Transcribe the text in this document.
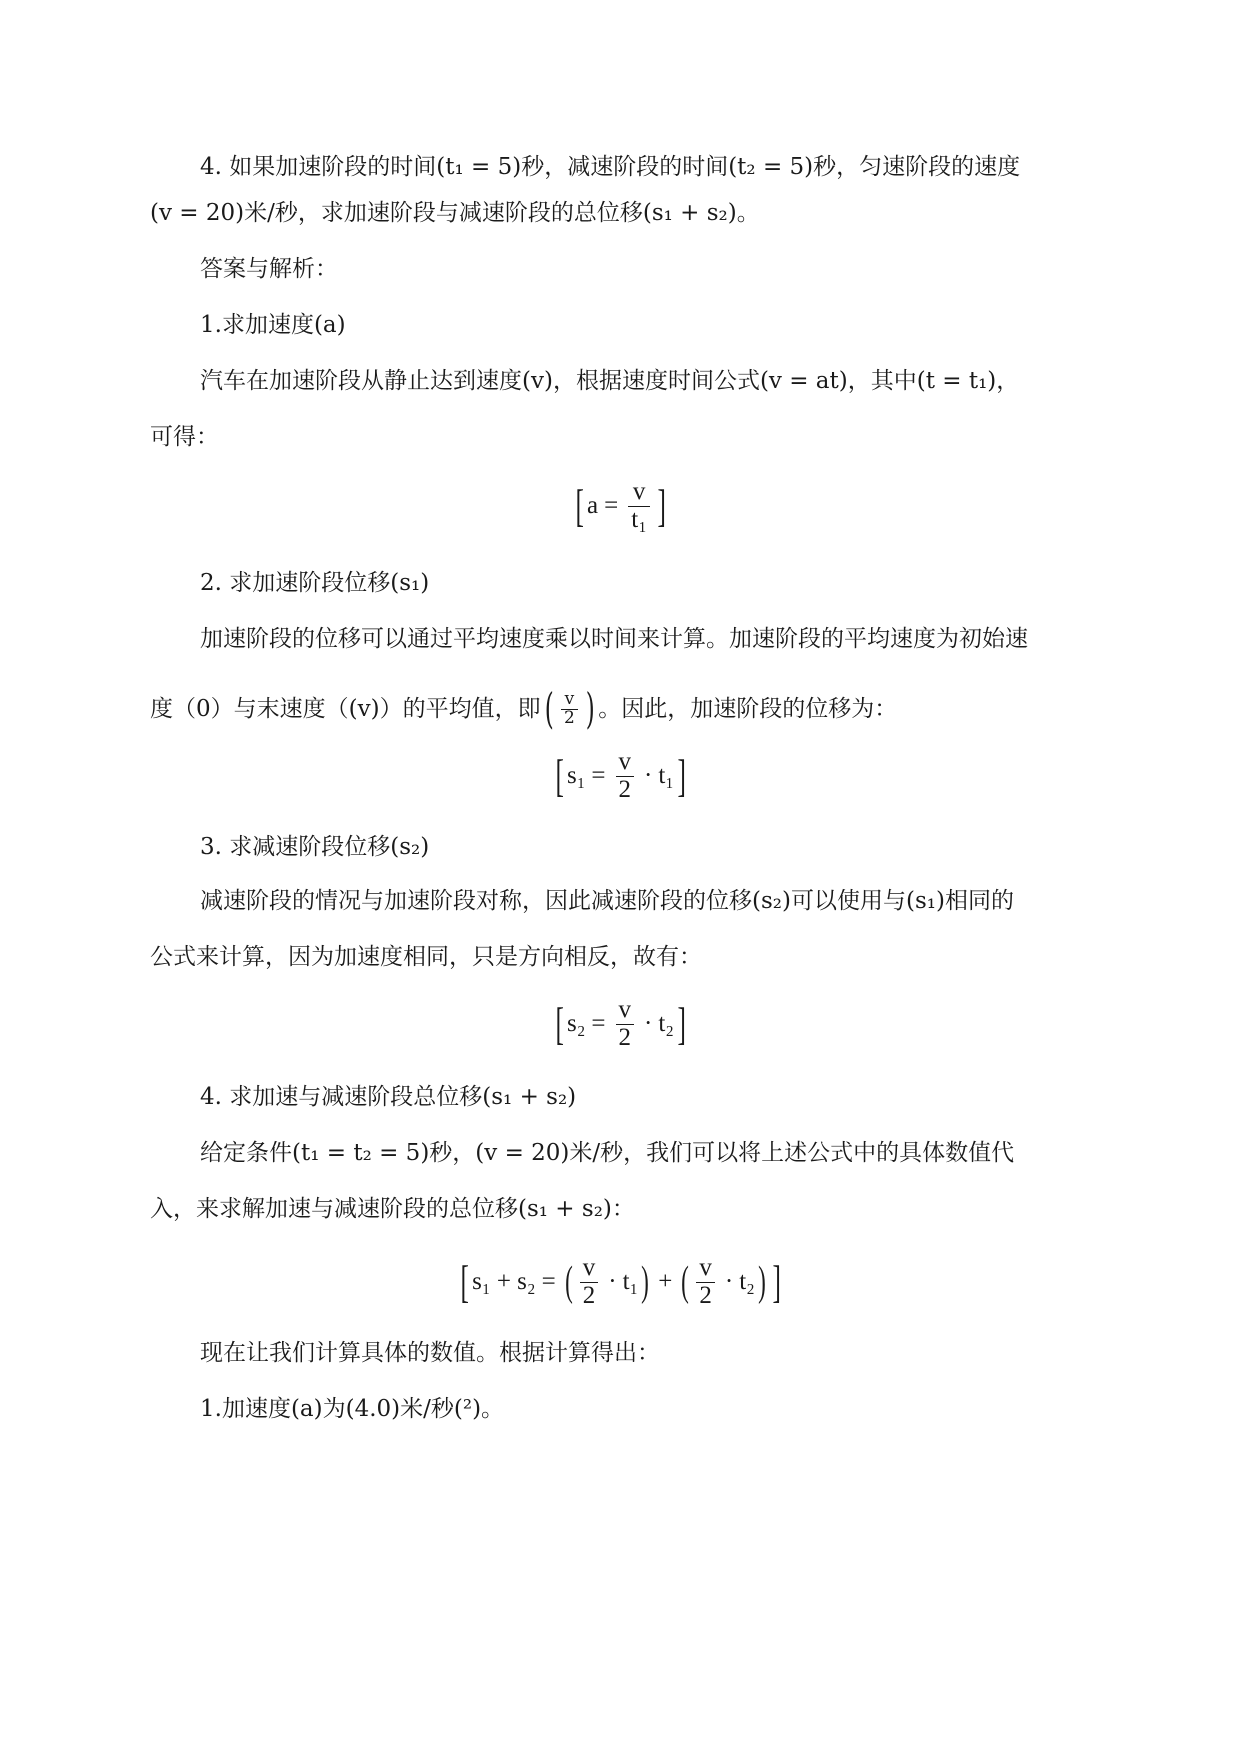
4. 如果加速阶段的时间(t₁ = 5)秒，减速阶段的时间(t₂ = 5)秒，匀速阶段的速度
(v = 20)米/秒，求加速阶段与减速阶段的总位移(s₁ + s₂)。
答案与解析：
1.求加速度(a)
汽车在加速阶段从静止达到速度(v)，根据速度时间公式(v = at)，其中(t = t₁)，
可得：
[ $a = \frac{v}{\text{t₁}}$ ]
2. 求加速阶段位移(s₁)
加速阶段的位移可以通过平均速度乘以时间来计算。加速阶段的平均速度为初始速
度（0）与末速度（(v)）的平均值，即 ( $\frac{v}{2}$ ) 。因此，加速阶段的位移为：
[ $s_1 = \frac{v}{2} \cdot t_1$ ]
3. 求减速阶段位移(s₂)
减速阶段的情况与加速阶段对称，因此减速阶段的位移(s₂)可以使用与(s₁)相同的
公式来计算，因为加速度相同，只是方向相反，故有：
[ $s_2 = \frac{v}{2} \cdot t_2$ ]
4. 求加速与减速阶段总位移(s₁ + s₂)
给定条件(t₁ = t₂ = 5)秒，(v = 20)米/秒，我们可以将上述公式中的具体数值代
入，来求解加速与减速阶段的总位移(s₁ + s₂)：
[ s₁ + s₂ = ( $\frac{v}{2} \cdot t_1$ ) + ( $\frac{v}{2} \cdot t_2$ ) ]
现在让我们计算具体的数值。根据计算得出：
1.加速度(a)为(4.0)米/秒(²)。
